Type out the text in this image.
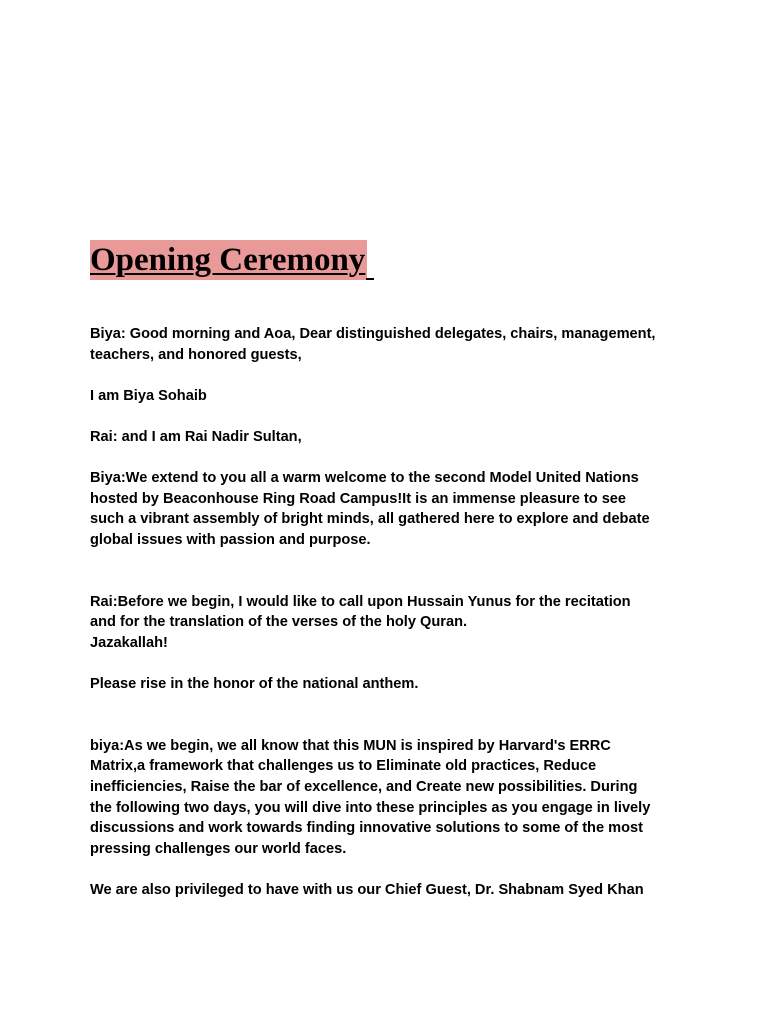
Opening Ceremony

Biya: Good morning and Aoa, Dear distinguished delegates, chairs, management,
teachers, and honored guests,

I am Biya Sohaib

Rai: and I am Rai Nadir Sultan,

Biya:We extend to you all a warm welcome to the second Model United Nations
hosted by Beaconhouse Ring Road Campus!It is an immense pleasure to see
such a vibrant assembly of bright minds, all gathered here to explore and debate
global issues with passion and purpose.

Rai:Before we begin, I would like to call upon Hussain Yunus for the recitation
and for the translation of the verses of the holy Quran.
Jazakallah!

Please rise in the honor of the national anthem.

biya:As we begin, we all know that this MUN is inspired by Harvard's ERRC
Matrix,a framework that challenges us to Eliminate old practices, Reduce
inefficiencies, Raise the bar of excellence, and Create new possibilities. During
the following two days, you will dive into these principles as you engage in lively
discussions and work towards finding innovative solutions to some of the most
pressing challenges our world faces.

We are also privileged to have with us our Chief Guest, Dr. Shabnam Syed Khan
